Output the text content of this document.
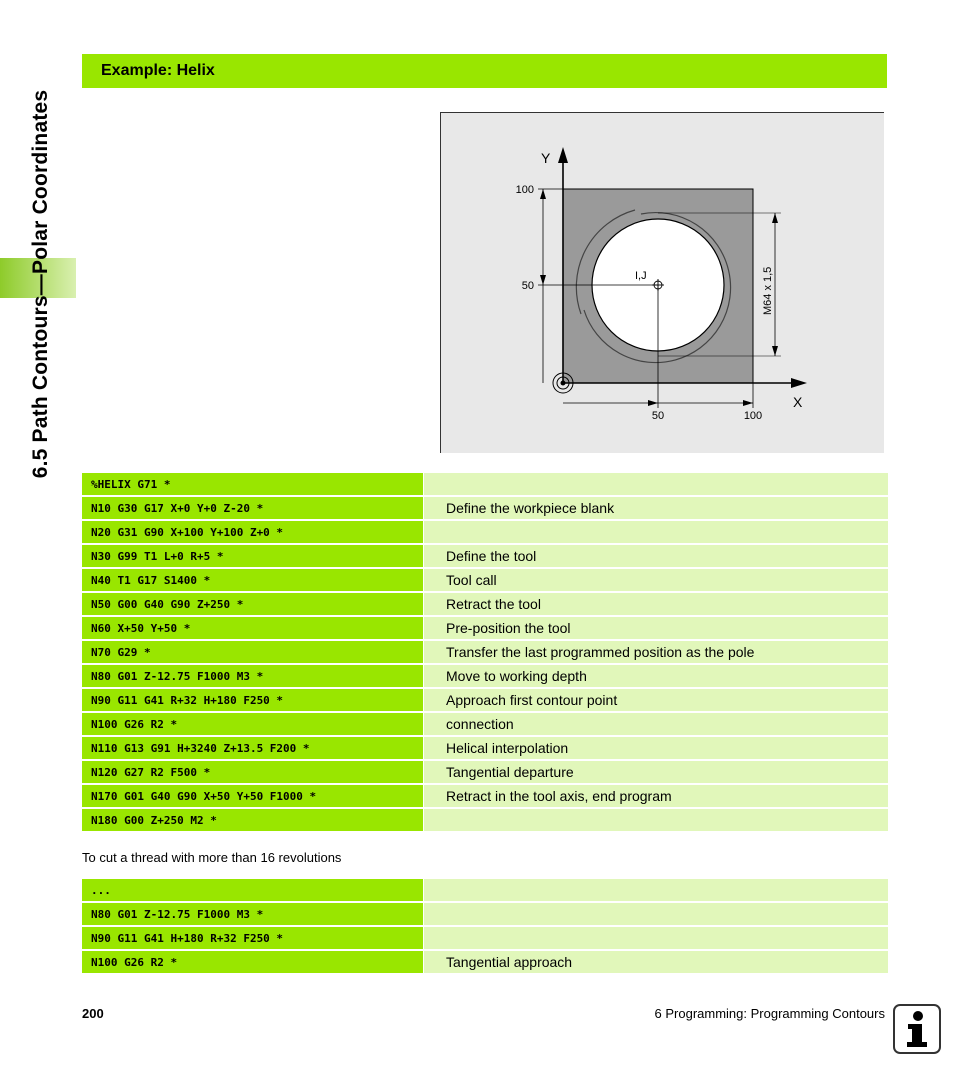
6.5 Path Contours—Polar Coordinates
Example: Helix
Y
X
100
50
50	100
I,J	M64 x 1,5
%HELIX G71 *
N10 G30 G17 X+0 Y+0 Z-20 *	Define the workpiece blank
N20 G31 G90 X+100 Y+100 Z+0 *
N30 G99 T1 L+0 R+5 *	Define the tool
N40 T1 G17 S1400 *	Tool call
N50 G00 G40 G90 Z+250 *	Retract the tool
N60 X+50 Y+50 *	Pre-position the tool
N70 G29 *	Transfer the last programmed position as the pole
N80 G01 Z-12.75 F1000 M3 *	Move to working depth
N90 G11 G41 R+32 H+180 F250 *	Approach first contour point
N100 G26 R2 *	connection
N110 G13 G91 H+3240 Z+13.5 F200 *	Helical interpolation
N120 G27 R2 F500 *	Tangential departure
N170 G01 G40 G90 X+50 Y+50 F1000 *	Retract in the tool axis, end program
N180 G00 Z+250 M2 *
To cut a thread with more than 16 revolutions
...
N80 G01 Z-12.75 F1000 M3 *
N90 G11 G41 H+180 R+32 F250 *
N100 G26 R2 *	Tangential approach
200	6 Programming: Programming Contours
